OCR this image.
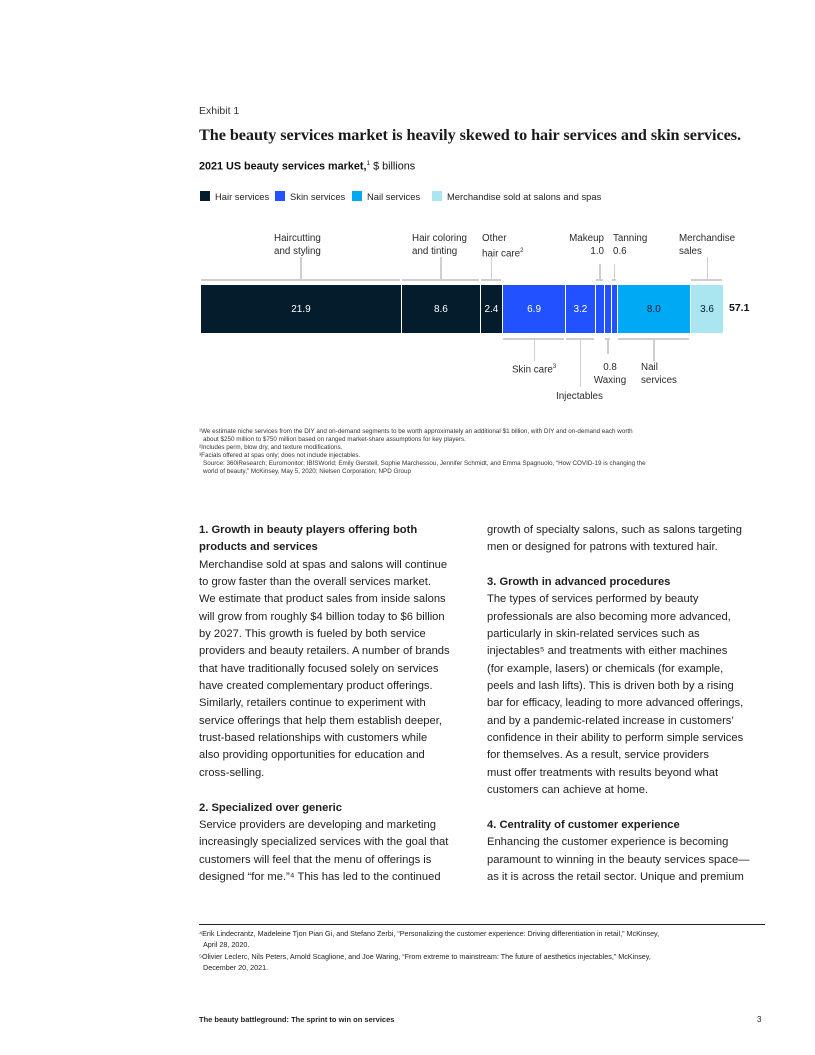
Exhibit 1
The beauty services market is heavily skewed to hair services and skin services.
2021 US beauty services market,$^1$ $ billions
Hair services Skin services Nail services	Merchandise sold at salons and spas
21.9	8.6	2.4	6.9	3.2	8.0	3.6 57.1
Haircutting
and styling
Hair coloring
and tinting
Other
hair care$^2$
Makeup
1.0
Tanning
0.6
Merchandise
sales
Skin care$^3$
Injectables
0.8
Waxing
Nail
services
¹We estimate niche services from the DIY and on-demand segments to be worth approximately an additional $1 billion, with DIY and on-demand each worth
about $250 million to $750 million based on ranged market-share assumptions for key players.
²Includes perm, blow dry, and texture modifications.
³Facials offered at spas only; does not include injectables.
Source: 360iResearch; Euromonitor; IBISWorld; Emily Gerstell, Sophie Marchessou, Jennifer Schmidt, and Emma Spagnuolo, “How COVID-19 is changing the
world of beauty,” McKinsey, May 5, 2020; Nielsen Corporation; NPD Group
1. Growth in beauty players offering both
products and services
Merchandise sold at spas and salons will continue
to grow faster than the overall services market.
We estimate that product sales from inside salons
will grow from roughly $4 billion today to $6 billion
by 2027. This growth is fueled by both service
providers and beauty retailers. A number of brands
that have traditionally focused solely on services
have created complementary product offerings.
Similarly, retailers continue to experiment with
service offerings that help them establish deeper,
trust-based relationships with customers while
also providing opportunities for education and
cross-selling.
2. Specialized over generic
Service providers are developing and marketing
increasingly specialized services with the goal that
customers will feel that the menu of offerings is
designed “for me.”⁴ This has led to the continued
growth of specialty salons, such as salons targeting
men or designed for patrons with textured hair.
3. Growth in advanced procedures
The types of services performed by beauty
professionals are also becoming more advanced,
particularly in skin-related services such as
injectables⁵ and treatments with either machines
(for example, lasers) or chemicals (for example,
peels and lash lifts). This is driven both by a rising
bar for efficacy, leading to more advanced offerings,
and by a pandemic-related increase in customers’
confidence in their ability to perform simple services
for themselves. As a result, service providers
must offer treatments with results beyond what
customers can achieve at home.
4. Centrality of customer experience
Enhancing the customer experience is becoming
paramount to winning in the beauty services space—
as it is across the retail sector. Unique and premium
⁴Erik Lindecrantz, Madeleine Tjon Pian Gi, and Stefano Zerbi, “Personalizing the customer experience: Driving differentiation in retail,” McKinsey,
April 28, 2020.
⁵Olivier Leclerc, Nils Peters, Arnold Scaglione, and Joe Waring, “From extreme to mainstream: The future of aesthetics injectables,” McKinsey,
December 20, 2021.
The beauty battleground: The sprint to win on services	3
